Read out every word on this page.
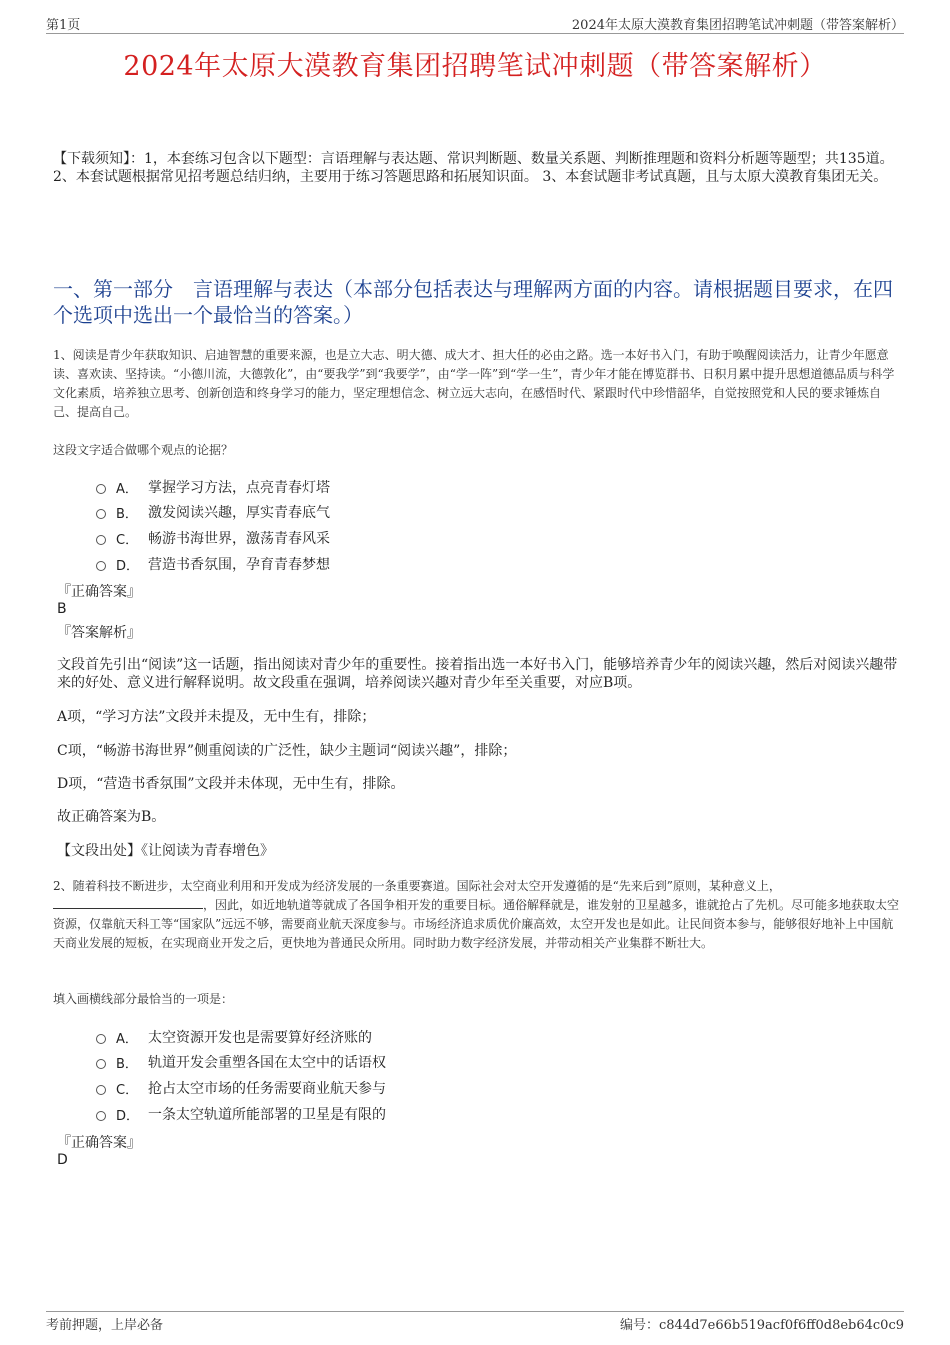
第1页	2024年太原大漠教育集团招聘笔试冲刺题（带答案解析）
2024年太原大漠教育集团招聘笔试冲刺题（带答案解析）
【下载须知】：1，本套练习包含以下题型：言语理解与表达题、常识判断题、数量关系题、判断推理题和资料分析题等题型；共135道。 2、本套试题根据常见招考题总结归纳，主要用于练习答题思路和拓展知识面。 3、本套试题非考试真题，且与太原大漠教育集团无关。
一、第一部分　言语理解与表达（本部分包括表达与理解两方面的内容。请根据题目要求，在四个选项中选出一个最恰当的答案。）
1、阅读是青少年获取知识、启迪智慧的重要来源，也是立大志、明大德、成大才、担大任的必由之路。选一本好书入门，有助于唤醒阅读活力，让青少年愿意读、喜欢读、坚持读。“小德川流，大德敦化”，由“要我学”到“我要学”，由“学一阵”到“学一生”，青少年才能在博览群书、日积月累中提升思想道德品质与科学文化素质，培养独立思考、创新创造和终身学习的能力，坚定理想信念、树立远大志向，在感悟时代、紧跟时代中珍惜韶华，自觉按照党和人民的要求锤炼自己、提高自己。
这段文字适合做哪个观点的论据？
A． 掌握学习方法，点亮青春灯塔
B． 激发阅读兴趣，厚实青春底气
C． 畅游书海世界，激荡青春风采
D． 营造书香氛围，孕育青春梦想
『正确答案』
B
『答案解析』
文段首先引出“阅读”这一话题，指出阅读对青少年的重要性。接着指出选一本好书入门，能够培养青少年的阅读兴趣，然后对阅读兴趣带来的好处、意义进行解释说明。故文段重在强调，培养阅读兴趣对青少年至关重要，对应B项。
A项，“学习方法”文段并未提及，无中生有，排除；
C项，“畅游书海世界”侧重阅读的广泛性，缺少主题词“阅读兴趣”，排除；
D项，“营造书香氛围”文段并未体现，无中生有，排除。
故正确答案为B。
【文段出处】《让阅读为青春增色》
2、随着科技不断进步，太空商业利用和开发成为经济发展的一条重要赛道。国际社会对太空开发遵循的是“先来后到”原则，某种意义上，，因此，如近地轨道等就成了各国争相开发的重要目标。通俗解释就是，谁发射的卫星越多，谁就抢占了先机。尽可能多地获取太空资源，仅靠航天科工等“国家队”远远不够，需要商业航天深度参与。市场经济追求质优价廉高效，太空开发也是如此。让民间资本参与，能够很好地补上中国航天商业发展的短板，在实现商业开发之后，更快地为普通民众所用。同时助力数字经济发展，并带动相关产业集群不断壮大。
填入画横线部分最恰当的一项是：
A． 太空资源开发也是需要算好经济账的
B． 轨道开发会重塑各国在太空中的话语权
C． 抢占太空市场的任务需要商业航天参与
D． 一条太空轨道所能部署的卫星是有限的
『正确答案』
D
考前押题，上岸必备	编号：c844d7e66b519acf0f6ff0d8eb64c0c9
